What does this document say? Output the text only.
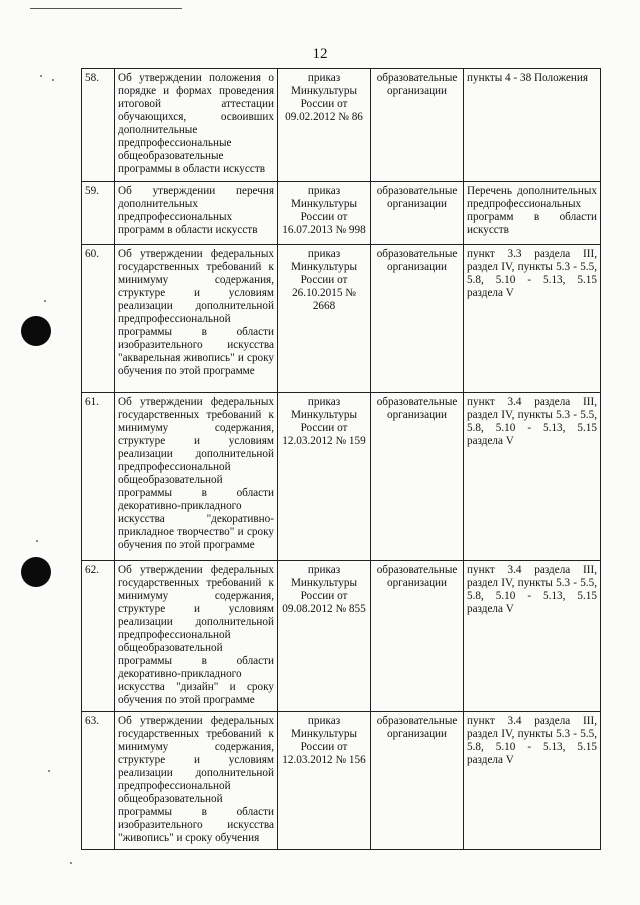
12
58.	Об утверждении положения о порядке и формах проведения итоговой аттестации обучающихся, освоивших дополнительные предпрофессиональные общеобразовательные программы в области искусств	приказ Минкультуры России от 09.02.2012 № 86	образовательные организации	пункты 4 - 38 Положения
59.	Об утверждении перечня дополнительных предпрофессиональных программ в области искусств	приказ Минкультуры России от 16.07.2013 № 998	образовательные организации	Перечень дополнительных предпрофессиональных программ в области искусств
60.	Об утверждении федеральных государственных требований к минимуму содержания, структуре и условиям реализации дополнительной предпрофессиональной программы в области изобразительного искусства "акварельная живопись" и сроку обучения по этой программе	приказ Минкультуры России от 26.10.2015 № 2668	образовательные организации	пункт 3.3 раздела III, раздел IV, пункты 5.3 - 5.5, 5.8, 5.10 - 5.13, 5.15 раздела V
61.	Об утверждении федеральных государственных требований к минимуму содержания, структуре и условиям реализации дополнительной предпрофессиональной общеобразовательной программы в области декоративно-прикладного искусства "декоративно-прикладное творчество" и сроку обучения по этой программе	приказ Минкультуры России от 12.03.2012 № 159	образовательные организации	пункт 3.4 раздела III, раздел IV, пункты 5.3 - 5.5, 5.8, 5.10 - 5.13, 5.15 раздела V
62.	Об утверждении федеральных государственных требований к минимуму содержания, структуре и условиям реализации дополнительной предпрофессиональной общеобразовательной программы в области декоративно-прикладного искусства "дизайн" и сроку обучения по этой программе	приказ Минкультуры России от 09.08.2012 № 855	образовательные организации	пункт 3.4 раздела III, раздел IV, пункты 5.3 - 5.5, 5.8, 5.10 - 5.13, 5.15 раздела V
63.	Об утверждении федеральных государственных требований к минимуму содержания, структуре и условиям реализации дополнительной предпрофессиональной общеобразовательной программы в области изобразительного искусства "живопись" и сроку обучения	приказ Минкультуры России от 12.03.2012 № 156	образовательные организации	пункт 3.4 раздела III, раздел IV, пункты 5.3 - 5.5, 5.8, 5.10 - 5.13, 5.15 раздела V
